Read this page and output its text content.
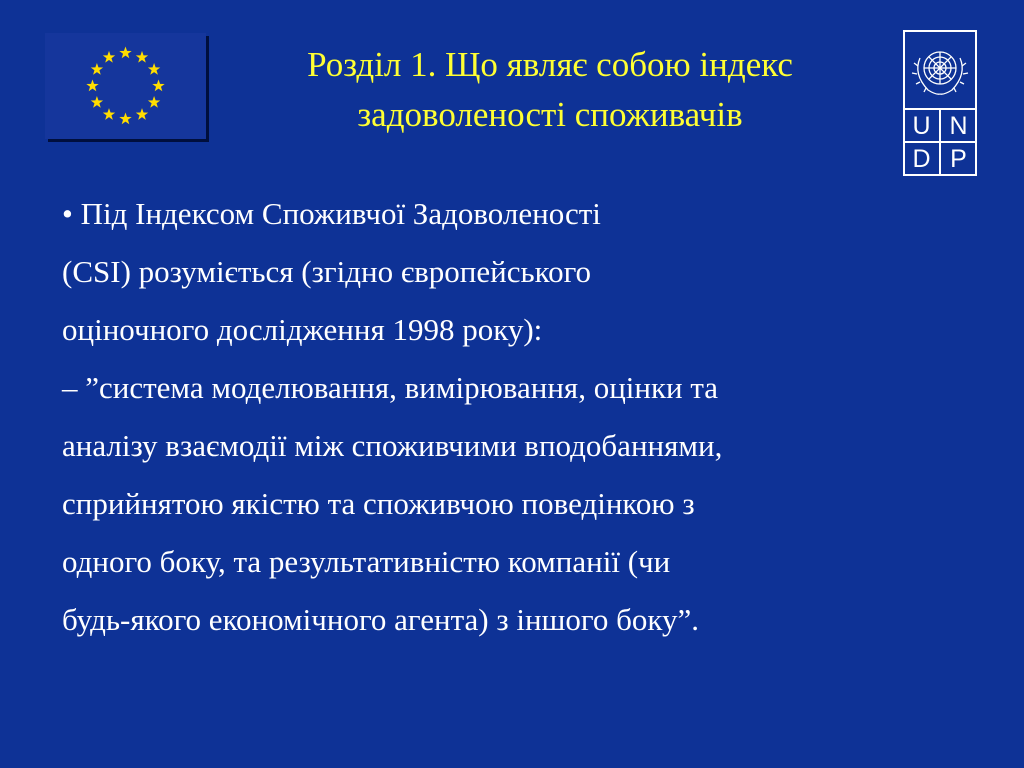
Розділ 1. Що являє собою індекс
задоволеності споживачів	U N
D P
• Під Індексом Споживчої Задоволеності
(CSI) розуміється (згідно європейського
оціночного дослідження 1998 року):
– ”система моделювання, вимірювання, оцінки та
аналізу взаємодії між споживчими вподобаннями,
сприйнятою якістю та споживчою поведінкою з
одного боку, та результативністю компанії (чи
будь-якого економічного агента) з іншого боку”.
